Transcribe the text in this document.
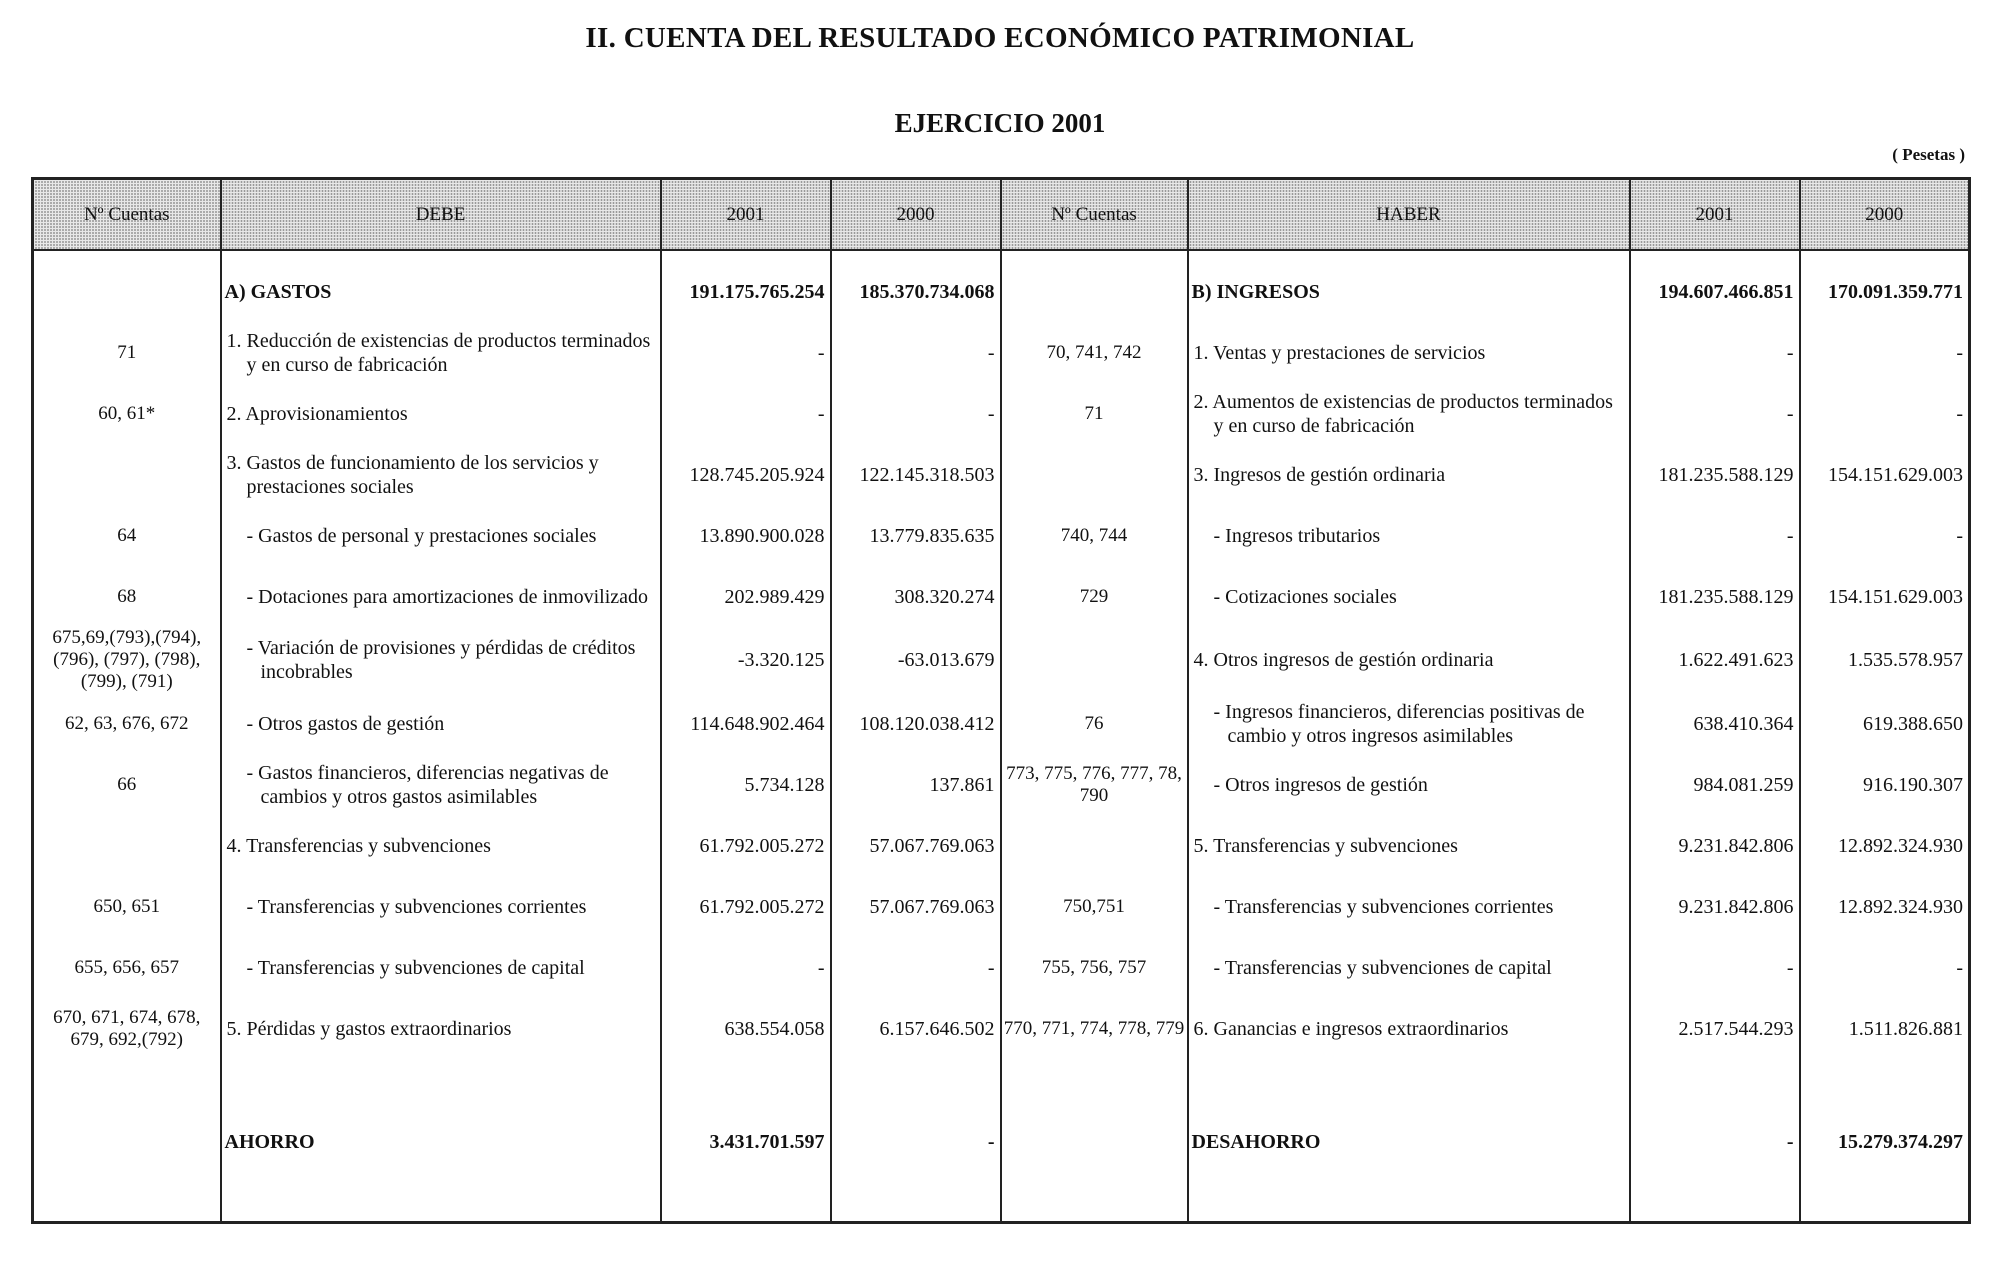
II. CUENTA DEL RESULTADO ECONÓMICO PATRIMONIAL
EJERCICIO 2001
( Pesetas )
Nº Cuentas	DEBE	2001	2000	Nº Cuentas	HABER	2001	2000

	A) GASTOS	191.175.765.254	185.370.734.068		B) INGRESOS	194.607.466.851	170.091.359.771
71	1. Reducción de existencias de productos terminados y en curso de fabricación	-	-	70, 741, 742	1. Ventas y prestaciones de servicios	-	-
60, 61*	2. Aprovisionamientos	-	-	71	2. Aumentos de existencias de productos terminados y en curso de fabricación	-	-

	3. Gastos de funcionamiento de los servicios y prestaciones sociales	128.745.205.924	122.145.318.503		3. Ingresos de gestión ordinaria	181.235.588.129	154.151.629.003
64	- Gastos de personal y prestaciones sociales	13.890.900.028	13.779.835.635	740, 744	- Ingresos tributarios	-	-
68	- Dotaciones para amortizaciones de inmovilizado	202.989.429	308.320.274	729	- Cotizaciones sociales	181.235.588.129	154.151.629.003
675,69,(793),(794), (796), (797), (798), (799), (791)	- Variación de provisiones y pérdidas de créditos incobrables	-3.320.125	-63.013.679		4. Otros ingresos de gestión ordinaria	1.622.491.623	1.535.578.957
62, 63, 676, 672	- Otros gastos de gestión	114.648.902.464	108.120.038.412	76	- Ingresos financieros, diferencias positivas de cambio y otros ingresos asimilables	638.410.364	619.388.650
66	- Gastos financieros, diferencias negativas de cambios y otros gastos asimilables	5.734.128	137.861	773, 775, 776, 777, 78, 790	- Otros ingresos de gestión	984.081.259	916.190.307

	4. Transferencias y subvenciones	61.792.005.272	57.067.769.063		5. Transferencias y subvenciones	9.231.842.806	12.892.324.930
650, 651	- Transferencias y subvenciones corrientes	61.792.005.272	57.067.769.063	750,751	- Transferencias y subvenciones corrientes	9.231.842.806	12.892.324.930
655, 656, 657	- Transferencias y subvenciones de capital	-	-	755, 756, 757	- Transferencias y subvenciones de capital	-	-
670, 671, 674, 678, 679, 692,(792)	5. Pérdidas y gastos extraordinarios	638.554.058	6.157.646.502	770, 771, 774, 778, 779	6. Ganancias e ingresos extraordinarios	2.517.544.293	1.511.826.881

	AHORRO	3.431.701.597	-		DESAHORRO	-	15.279.374.297
